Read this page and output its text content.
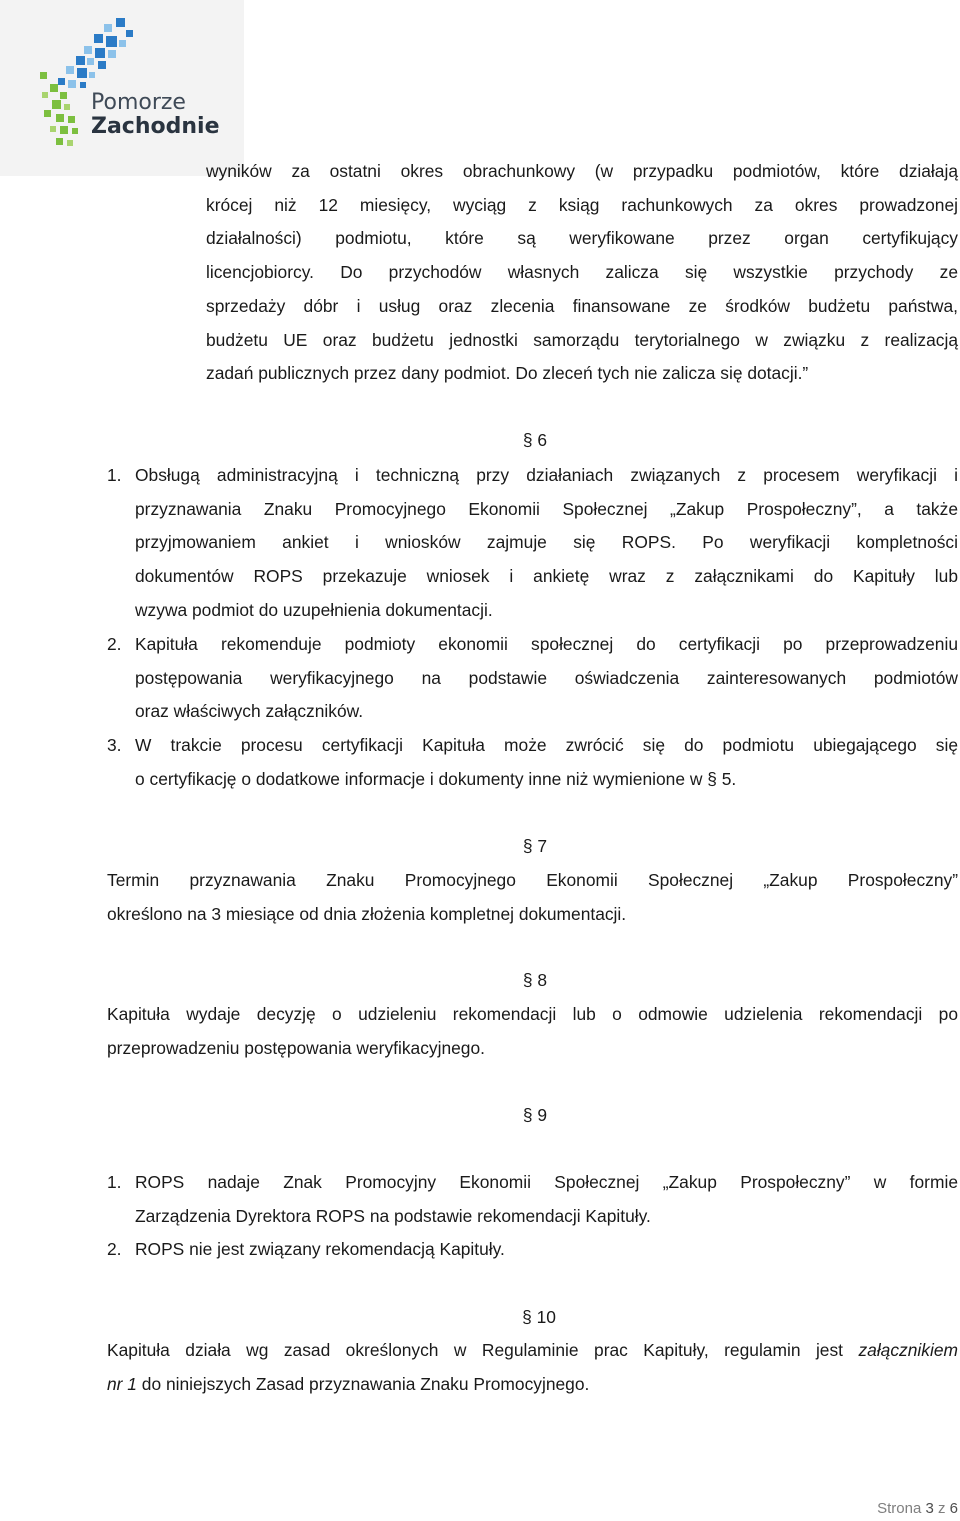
Pomorze
Zachodnie
wyników za ostatni okres obrachunkowy (w przypadku podmiotów, które działają
krócej niż 12 miesięcy, wyciąg z ksiąg rachunkowych za okres prowadzonej
działalności) podmiotu, które są weryfikowane przez organ certyfikujący
licencjobiorcy. Do przychodów własnych zalicza się wszystkie przychody ze
sprzedaży dóbr i usług oraz zlecenia finansowane ze środków budżetu państwa,
budżetu UE oraz budżetu jednostki samorządu terytorialnego w związku z realizacją
zadań publicznych przez dany podmiot. Do zleceń tych nie zalicza się dotacji.”
§ 6
1. Obsługą administracyjną i techniczną przy działaniach związanych z procesem weryfikacji i
przyznawania Znaku Promocyjnego Ekonomii Społecznej „Zakup Prospołeczny”, a także
przyjmowaniem ankiet i wniosków zajmuje się ROPS. Po weryfikacji kompletności
dokumentów ROPS przekazuje wniosek i ankietę wraz z załącznikami do Kapituły lub
wzywa podmiot do uzupełnienia dokumentacji.
2. Kapituła rekomenduje podmioty ekonomii społecznej do certyfikacji po przeprowadzeniu
postępowania weryfikacyjnego na podstawie oświadczenia zainteresowanych podmiotów
oraz właściwych załączników.
3. W trakcie procesu certyfikacji Kapituła może zwrócić się do podmiotu ubiegającego się
o certyfikację o dodatkowe informacje i dokumenty inne niż wymienione w § 5.
§ 7
Termin przyznawania Znaku Promocyjnego Ekonomii Społecznej „Zakup Prospołeczny”
określono na 3 miesiące od dnia złożenia kompletnej dokumentacji.
§ 8
Kapituła wydaje decyzję o udzieleniu rekomendacji lub o odmowie udzielenia rekomendacji po
przeprowadzeniu postępowania weryfikacyjnego.
§ 9
1. ROPS nadaje Znak Promocyjny Ekonomii Społecznej „Zakup Prospołeczny” w formie
Zarządzenia Dyrektora ROPS na podstawie rekomendacji Kapituły.
2. ROPS nie jest związany rekomendacją Kapituły.
§ 10
Kapituła działa wg zasad określonych w Regulaminie prac Kapituły, regulamin jest załącznikiem
nr 1 do niniejszych Zasad przyznawania Znaku Promocyjnego.
Strona 3 z 6
